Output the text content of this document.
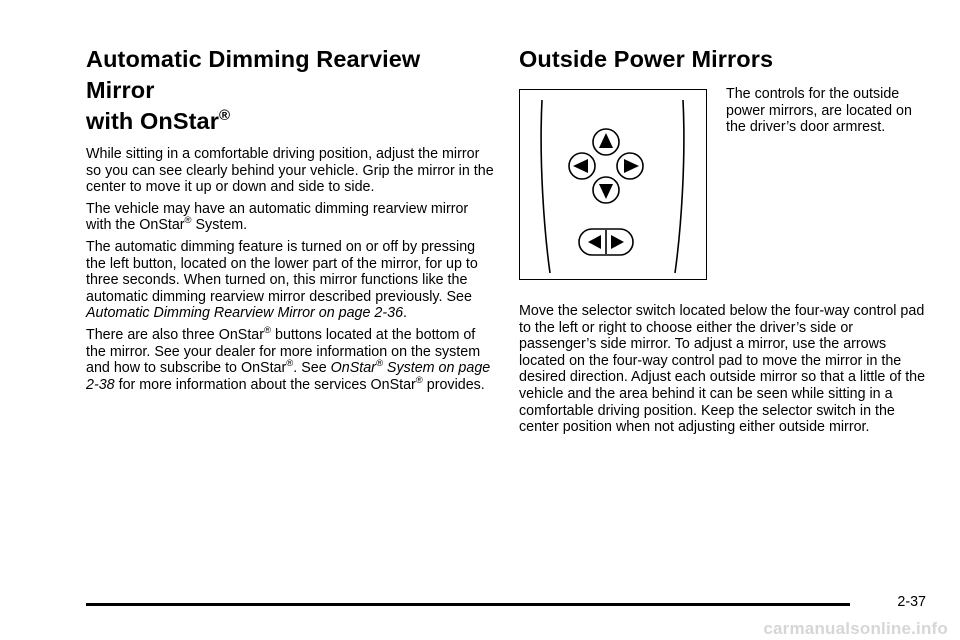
Automatic Dimming Rearview Mirror
with OnStar®

While sitting in a comfortable driving position, adjust the mirror so you can see clearly behind your vehicle. Grip the mirror in the center to move it up or down and side to side.

The vehicle may have an automatic dimming rearview mirror with the OnStar® System.

The automatic dimming feature is turned on or off by pressing the left button, located on the lower part of the mirror, for up to three seconds. When turned on, this mirror functions like the automatic dimming rearview mirror described previously. See Automatic Dimming Rearview Mirror on page 2-36.

There are also three OnStar® buttons located at the bottom of the mirror. See your dealer for more information on the system and how to subscribe to OnStar®. See OnStar® System on page 2-38 for more information about the services OnStar® provides.

Outside Power Mirrors

The controls for the outside power mirrors, are located on the driver’s door armrest.

Move the selector switch located below the four-way control pad to the left or right to choose either the driver’s side or passenger’s side mirror. To adjust a mirror, use the arrows located on the four-way control pad to move the mirror in the desired direction. Adjust each outside mirror so that a little of the vehicle and the area behind it can be seen while sitting in a comfortable driving position. Keep the selector switch in the center position when not adjusting either outside mirror.

2-37
carmanualsonline.info
